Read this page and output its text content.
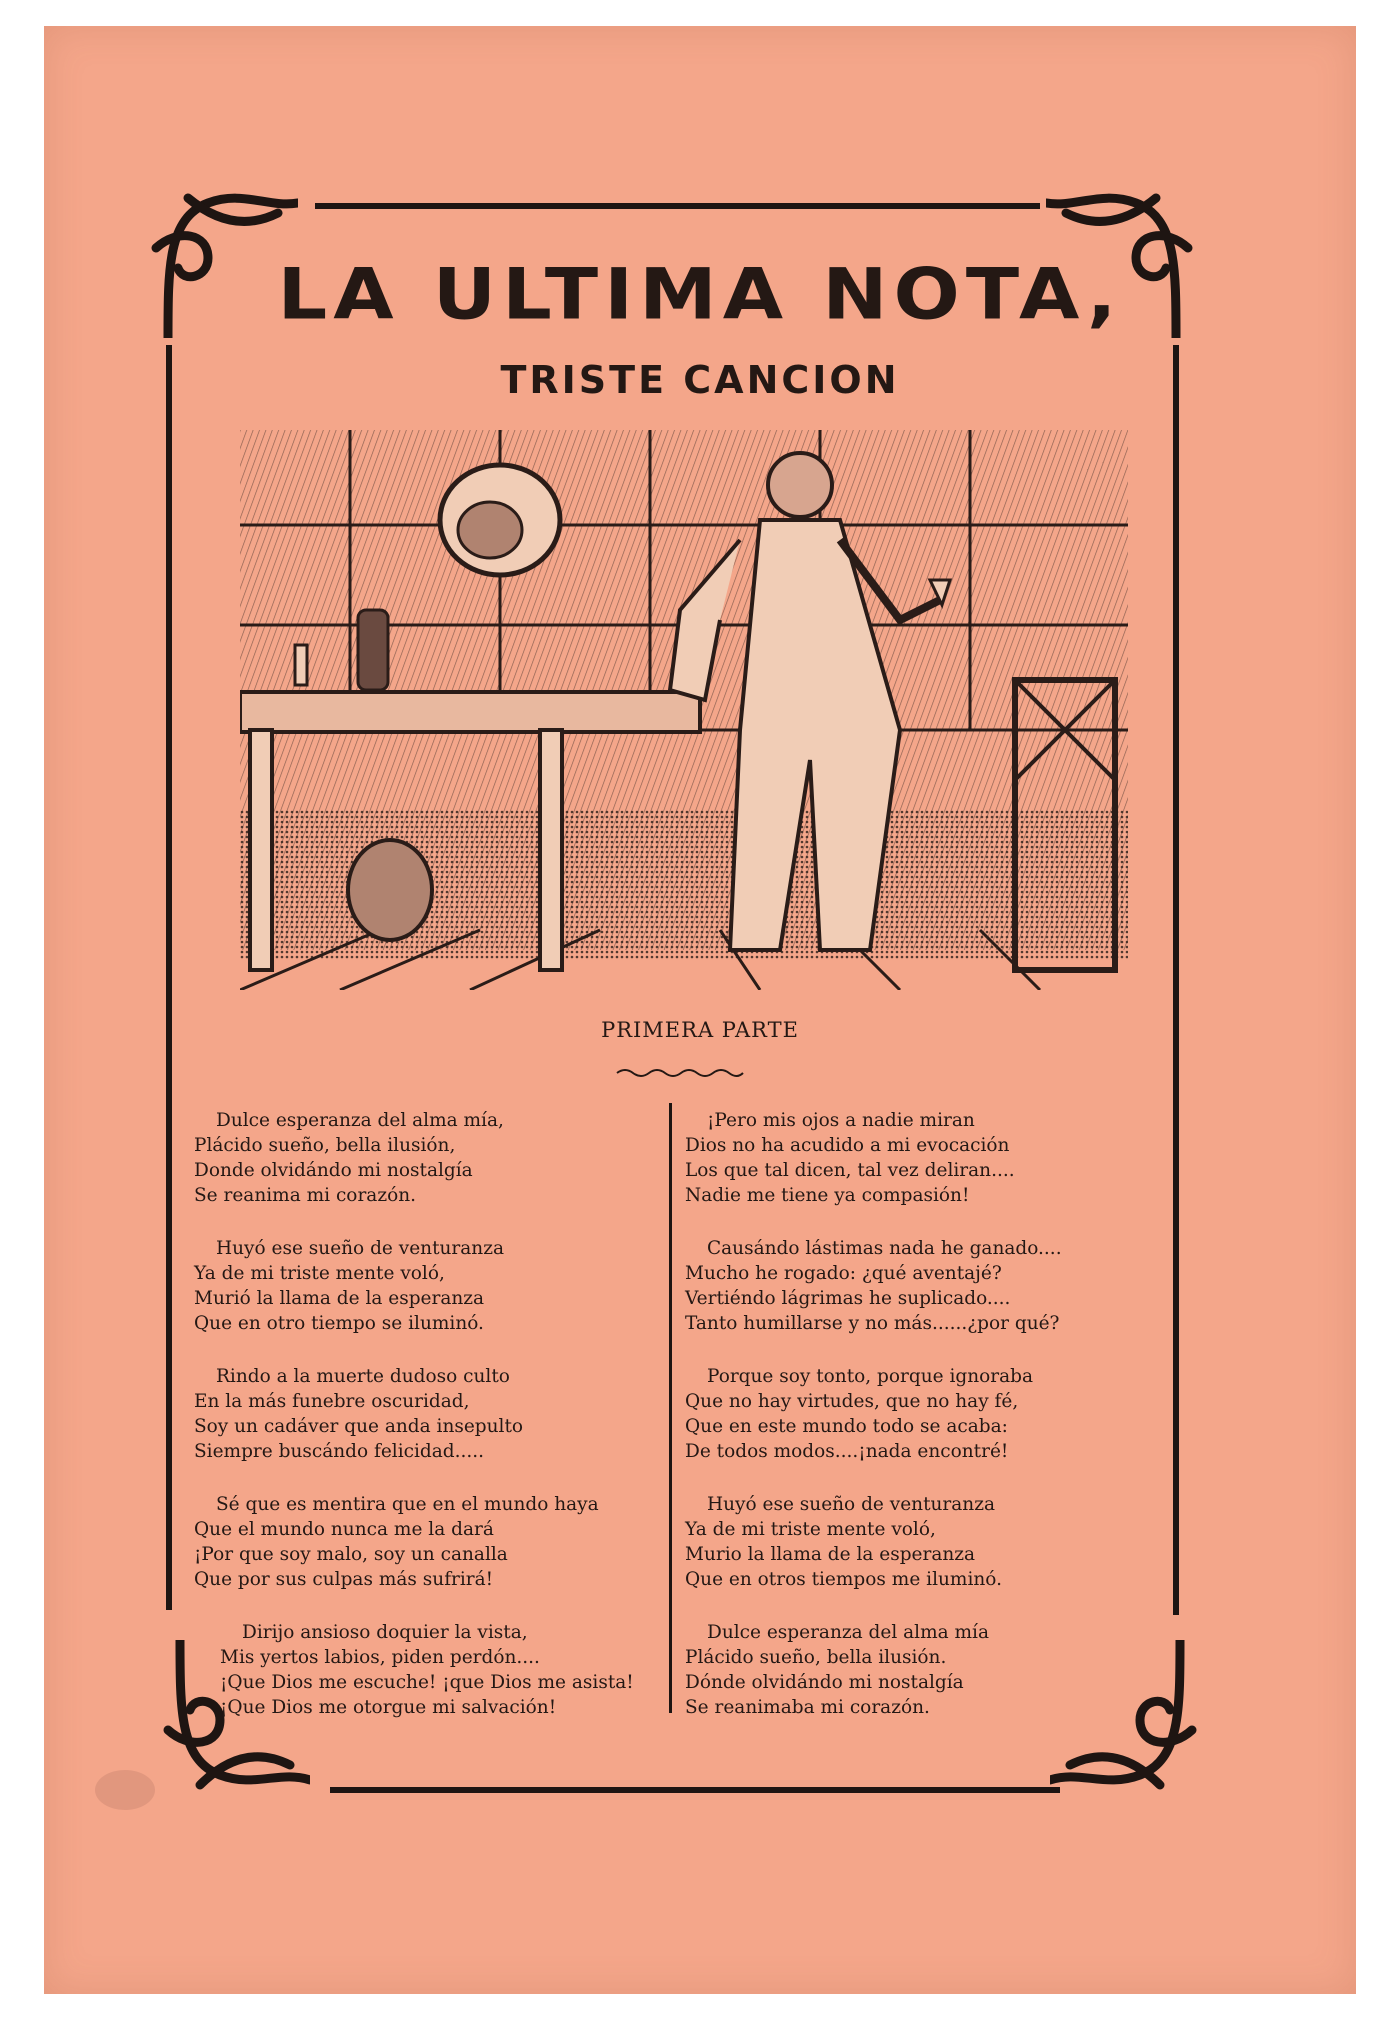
LA ULTIMA NOTA,
TRISTE CANCION
PRIMERA PARTE
Dulce esperanza del alma mía,
Plácido sueño, bella ilusión,
Donde olvidándo mi nostalgía
Se reanima mi corazón.
Huyó ese sueño de venturanza
Ya de mi triste mente voló,
Murió la llama de la esperanza
Que en otro tiempo se iluminó.
Rindo a la muerte dudoso culto
En la más funebre oscuridad,
Soy un cadáver que anda insepulto
Siempre buscándo felicidad.....
Sé que es mentira que en el mundo haya
Que el mundo nunca me la dará
¡Por que soy malo, soy un canalla
Que por sus culpas más sufrirá!
Dirijo ansioso doquier la vista,
Mis yertos labios, piden perdón....
¡Que Dios me escuche! ¡que Dios me asista!
¡Que Dios me otorgue mi salvación!
¡Pero mis ojos a nadie miran
Dios no ha acudido a mi evocación
Los que tal dicen, tal vez deliran....
Nadie me tiene ya compasión!
Causándo lástimas nada he ganado....
Mucho he rogado: ¿qué aventajé?
Vertiéndo lágrimas he suplicado....
Tanto humillarse y no más......¿por qué?
Porque soy tonto, porque ignoraba
Que no hay virtudes, que no hay fé,
Que en este mundo todo se acaba:
De todos modos....¡nada encontré!
Huyó ese sueño de venturanza
Ya de mi triste mente voló,
Murio la llama de la esperanza
Que en otros tiempos me iluminó.
Dulce esperanza del alma mía
Plácido sueño, bella ilusión.
Dónde olvidándo mi nostalgía
Se reanimaba mi corazón.
